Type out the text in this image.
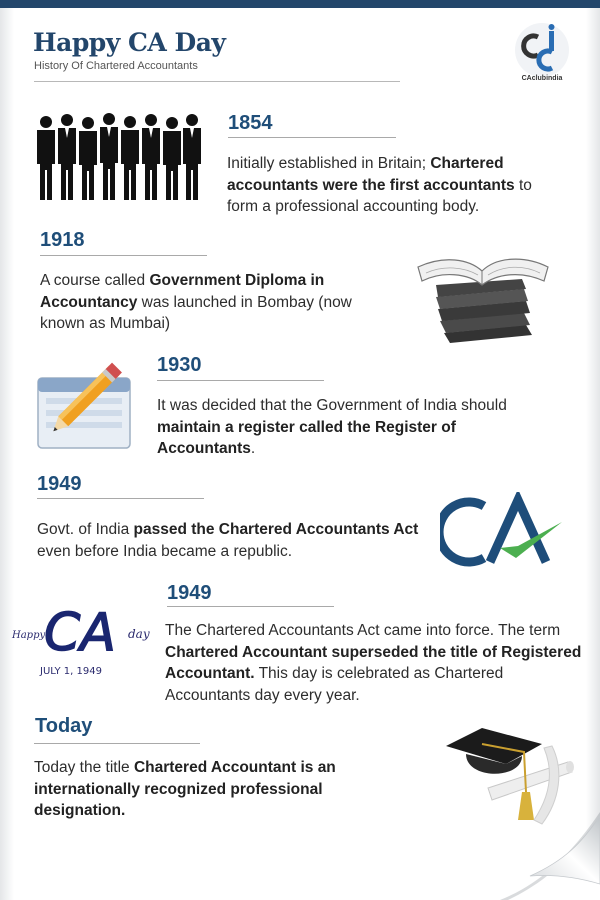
Happy CA Day
History Of Chartered Accountants
CAclubindia
1854
Initially established in Britain; Chartered accountants were the first accountants to form a professional accounting body.
1918
A course called Government Diploma in Accountancy was launched in Bombay (now known as Mumbai)
1930
It was decided that the Government of India should maintain a register called the Register of Accountants.
1949
Govt. of India passed the Chartered Accountants Act even before India became a republic.
Happy
CA day
JULY 1, 1949
1949
The Chartered Accountants Act came into force. The term Chartered Accountant superseded the title of Registered Accountant. This day is celebrated as Chartered Accountants day every year.
Today
Today the title Chartered Accountant is an internationally recognized professional designation.
